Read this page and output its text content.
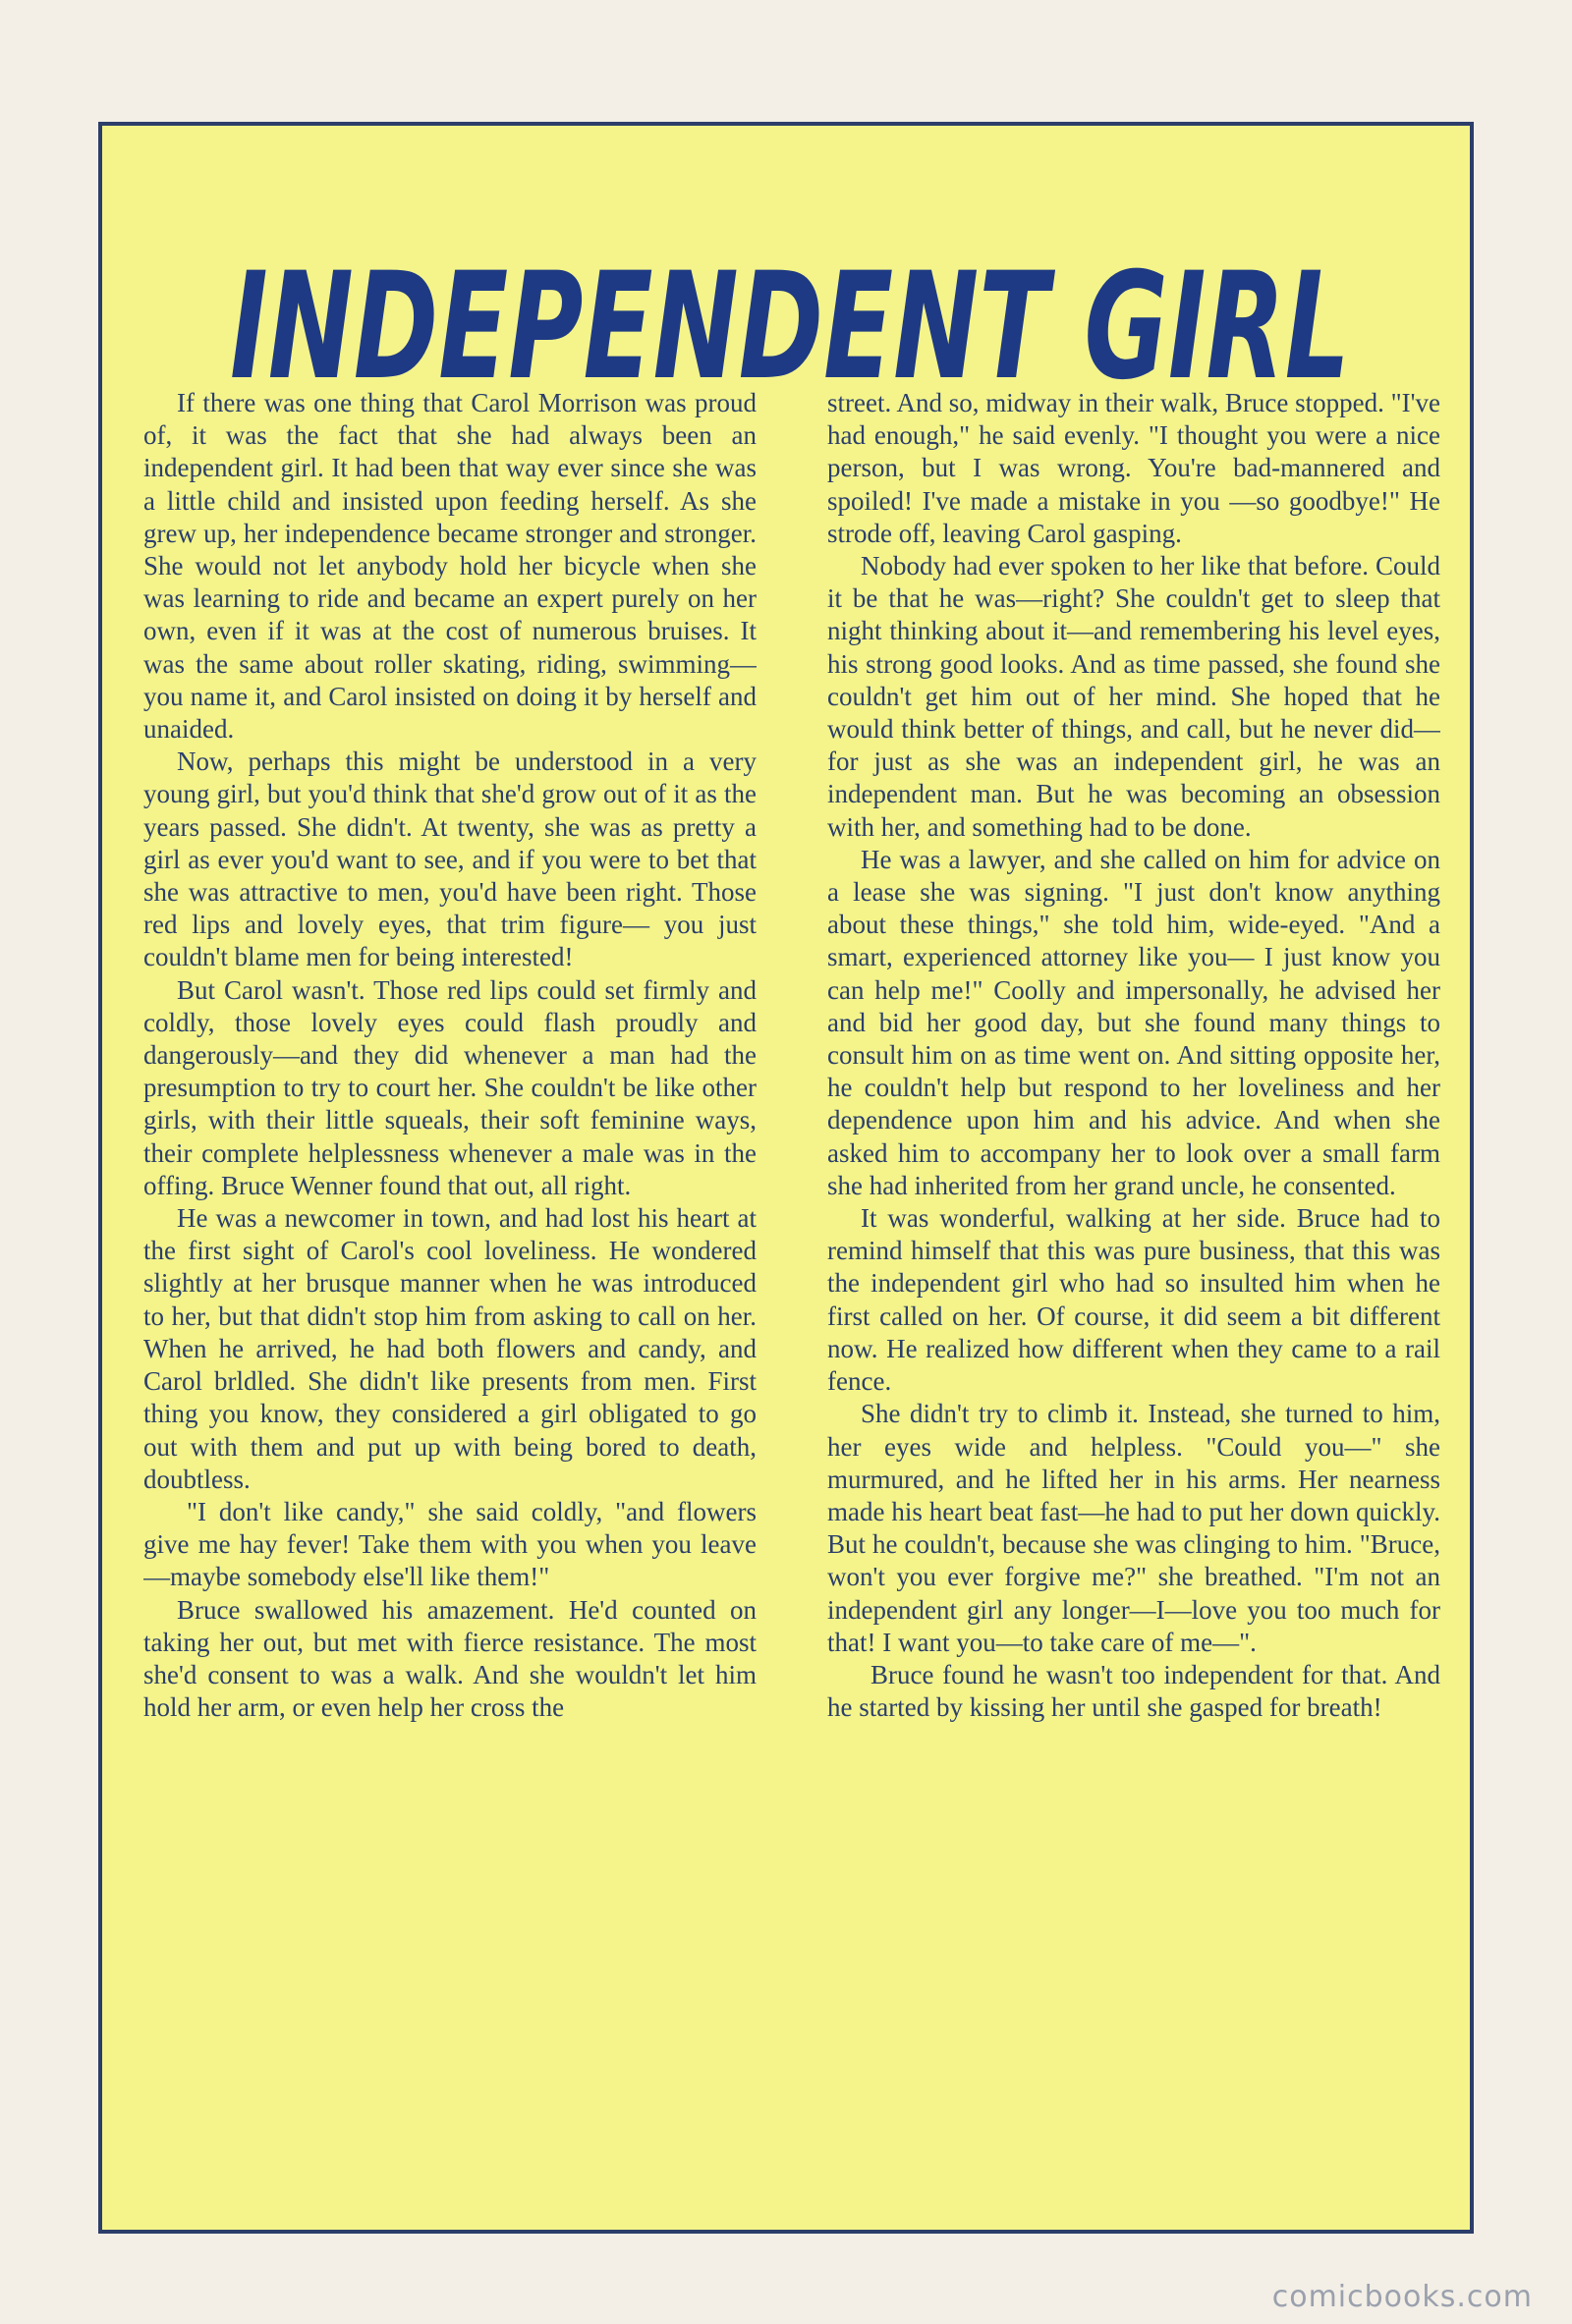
INDEPENDENT GIRL

If there was one thing that Carol Morrison was proud of, it was the fact that she had always been an independent girl. It had been that way ever since she was a little child and insisted upon feeding herself. As she grew up, her independence became stronger and stronger. She would not let anybody hold her bicycle when she was learning to ride and became an expert purely on her own, even if it was at the cost of numerous bruises. It was the same about roller skating, riding, swimming— you name it, and Carol insisted on doing it by herself and unaided.

Now, perhaps this might be understood in a very young girl, but you'd think that she'd grow out of it as the years passed. She didn't. At twenty, she was as pretty a girl as ever you'd want to see, and if you were to bet that she was attractive to men, you'd have been right. Those red lips and lovely eyes, that trim figure— you just couldn't blame men for being interested!

But Carol wasn't. Those red lips could set firmly and coldly, those lovely eyes could flash proudly and dangerously—and they did whenever a man had the presumption to try to court her. She couldn't be like other girls, with their little squeals, their soft feminine ways, their complete helplessness whenever a male was in the offing. Bruce Wenner found that out, all right.

He was a newcomer in town, and had lost his heart at the first sight of Carol's cool loveliness. He wondered slightly at her brusque manner when he was introduced to her, but that didn't stop him from asking to call on her. When he arrived, he had both flowers and candy, and Carol brldled. She didn't like presents from men. First thing you know, they considered a girl obligated to go out with them and put up with being bored to death, doubtless.

"I don't like candy," she said coldly, "and flowers give me hay fever! Take them with you when you leave—maybe somebody else'll like them!"

Bruce swallowed his amazement. He'd counted on taking her out, but met with fierce resistance. The most she'd consent to was a walk. And she wouldn't let him hold her arm, or even help her cross the

street. And so, midway in their walk, Bruce stopped. "I've had enough," he said evenly. "I thought you were a nice person, but I was wrong. You're bad-mannered and spoiled! I've made a mistake in you —so goodbye!" He strode off, leaving Carol gasping.

Nobody had ever spoken to her like that before. Could it be that he was—right? She couldn't get to sleep that night thinking about it—and remembering his level eyes, his strong good looks. And as time passed, she found she couldn't get him out of her mind. She hoped that he would think better of things, and call, but he never did—for just as she was an independent girl, he was an independent man. But he was becoming an obsession with her, and something had to be done.

He was a lawyer, and she called on him for advice on a lease she was signing. "I just don't know anything about these things," she told him, wide-eyed. "And a smart, experienced attorney like you— I just know you can help me!" Coolly and impersonally, he advised her and bid her good day, but she found many things to consult him on as time went on. And sitting opposite her, he couldn't help but respond to her loveliness and her dependence upon him and his advice. And when she asked him to accompany her to look over a small farm she had inherited from her grand uncle, he consented.

It was wonderful, walking at her side. Bruce had to remind himself that this was pure business, that this was the independent girl who had so insulted him when he first called on her. Of course, it did seem a bit different now. He realized how different when they came to a rail fence.

She didn't try to climb it. Instead, she turned to him, her eyes wide and helpless. "Could you—" she murmured, and he lifted her in his arms. Her nearness made his heart beat fast—he had to put her down quickly. But he couldn't, because she was clinging to him. "Bruce, won't you ever forgive me?" she breathed. "I'm not an independent girl any longer—I—love you too much for that! I want you—to take care of me—".

Bruce found he wasn't too independent for that. And he started by kissing her until she gasped for breath!

comicbooks.com
